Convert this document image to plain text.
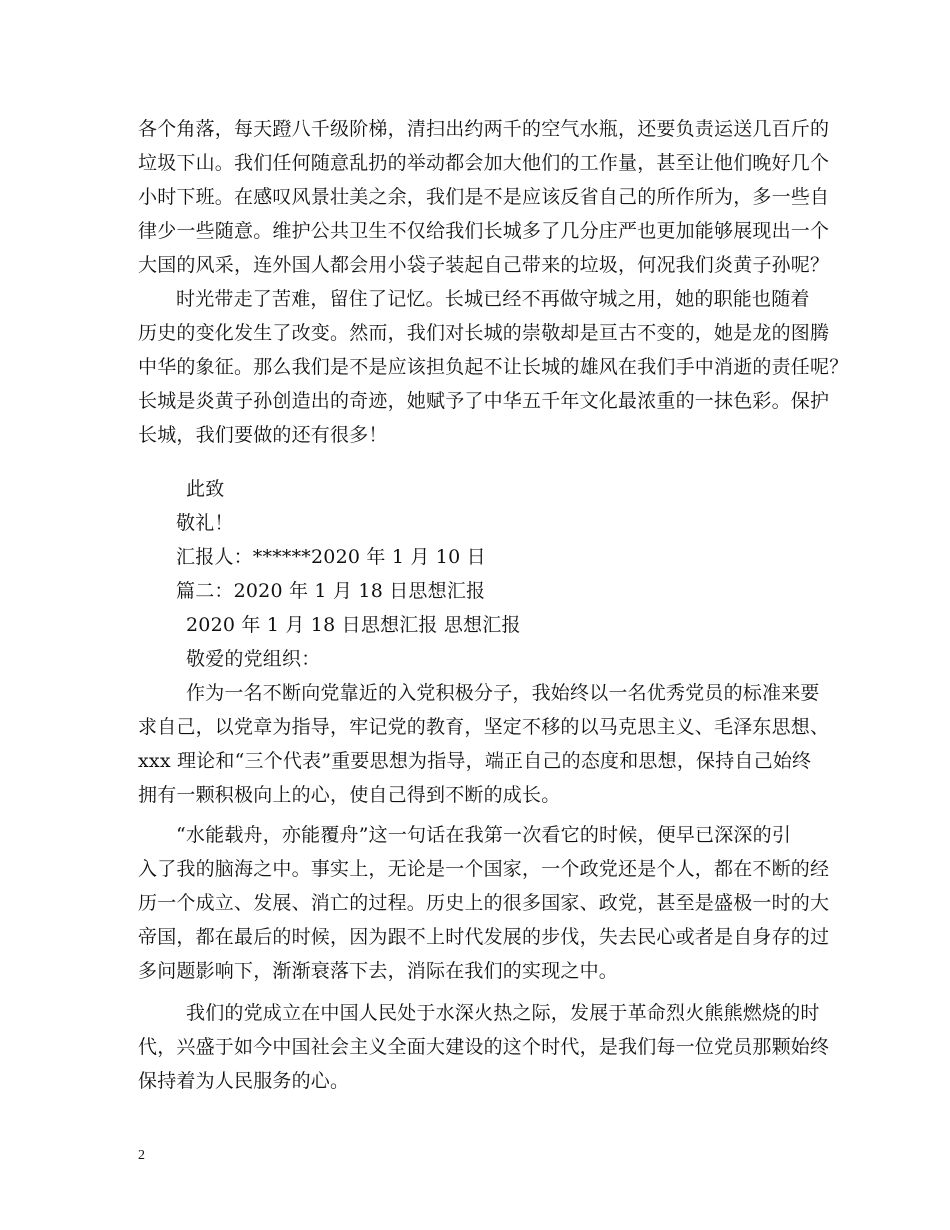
各个角落，每天蹬八千级阶梯，清扫出约两千的空气水瓶，还要负责运送几百斤的
垃圾下山。我们任何随意乱扔的举动都会加大他们的工作量，甚至让他们晚好几个
小时下班。在感叹风景壮美之余，我们是不是应该反省自己的所作所为，多一些自
律少一些随意。维护公共卫生不仅给我们长城多了几分庄严也更加能够展现出一个
大国的风采，连外国人都会用小袋子装起自己带来的垃圾，何况我们炎黄子孙呢？
时光带走了苦难，留住了记忆。长城已经不再做守城之用，她的职能也随着
历史的变化发生了改变。然而，我们对长城的崇敬却是亘古不变的，她是龙的图腾
中华的象征。那么我们是不是应该担负起不让长城的雄风在我们手中消逝的责任呢？
长城是炎黄子孙创造出的奇迹，她赋予了中华五千年文化最浓重的一抹色彩。保护
长城，我们要做的还有很多！
此致
敬礼！
汇报人：******2020 年 1 月 10 日
篇二：2020 年 1 月 18 日思想汇报
2020 年 1 月 18 日思想汇报 思想汇报
敬爱的党组织：
作为一名不断向党靠近的入党积极分子，我始终以一名优秀党员的标准来要
求自己，以党章为指导，牢记党的教育，坚定不移的以马克思主义、毛泽东思想、
xxx 理论和“三个代表”重要思想为指导，端正自己的态度和思想，保持自己始终
拥有一颗积极向上的心，使自己得到不断的成长。
“水能载舟，亦能覆舟”这一句话在我第一次看它的时候，便早已深深的引
入了我的脑海之中。事实上，无论是一个国家，一个政党还是个人，都在不断的经
历一个成立、发展、消亡的过程。历史上的很多国家、政党，甚至是盛极一时的大
帝国，都在最后的时候，因为跟不上时代发展的步伐，失去民心或者是自身存的过
多问题影响下，渐渐衰落下去，消际在我们的实现之中。
我们的党成立在中国人民处于水深火热之际，发展于革命烈火熊熊燃烧的时
代，兴盛于如今中国社会主义全面大建设的这个时代，是我们每一位党员那颗始终
保持着为人民服务的心。
2
